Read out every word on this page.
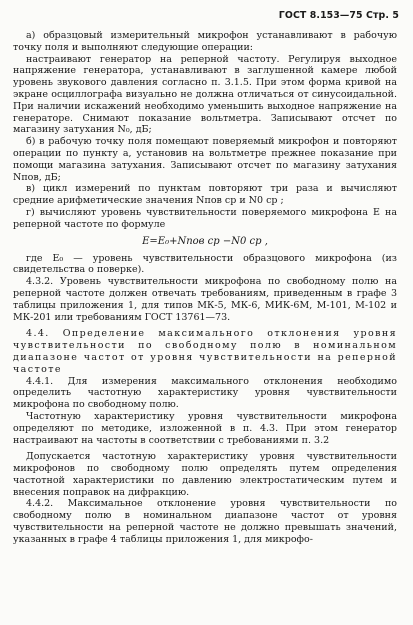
ГОСТ 8.153—75 Стр. 5

а) образцовый измерительный микрофон устанавливают в рабочую точку поля и выполняют следующие операции:

настраивают генератор на реперной частоту. Регулируя выходное напряжение генератора, устанавливают в заглушенной камере любой уровень звукового давления согласно п. 3.1.5. При этом форма кривой на экране осциллографа визуально не должна отличаться от синусоидальной. При наличии искажений необходимо уменьшить выходное напряжение на генераторе. Снимают показание вольтметра. Записывают отсчет по магазину затухания N₀, дБ;

б) в рабочую точку поля помещают поверяемый микрофон и повторяют операции по пункту а, установив на вольтметре прежнее показание при помощи магазина затухания. Записывают отсчет по магазину затухания Nпов, дБ;

в) цикл измерений по пунктам повторяют три раза и вычисляют средние арифметические значения Nпов ср и N0 ср ;

г) вычисляют уровень чувствительности поверяемого микрофона E на реперной частоте по формуле

E=E₀+Nпов ср −N0 ср ,

где E₀ — уровень чувствительности образцового микрофона (из свидетельства о поверке).

4.3.2. Уровень чувствительности микрофона по свободному полю на реперной частоте должен отвечать требованиям, приведенным в графе 3 таблицы приложения 1, для типов МК-5, МК-6, МИК-6М, М-101, М-102 и МК-201 или требованиям ГОСТ 13761—73.

4.4. Определение максимального отклонения уровня чувствительности по свободному полю в номинальном диапазоне частот от уровня чувствительности на реперной частоте

4.4.1. Для измерения максимального отклонения необходимо определить частотную характеристику уровня чувствительности микрофона по свободному полю.

Частотную характеристику уровня чувствительности микрофона определяют по методике, изложенной в п. 4.3. При этом генератор настраивают на частоты в соответствии с требованиями п. 3.2

Допускается частотную характеристику уровня чувствительности микрофонов по свободному полю определять путем определения частотной характеристики по давлению электростатическим путем и внесения поправок на дифракцию.

4.4.2. Максимальное отклонение уровня чувствительности по свободному полю в номинальном диапазоне частот от уровня чувствительности на реперной частоте не должно превышать значений, указанных в графе 4 таблицы приложения 1, для микрофо-
